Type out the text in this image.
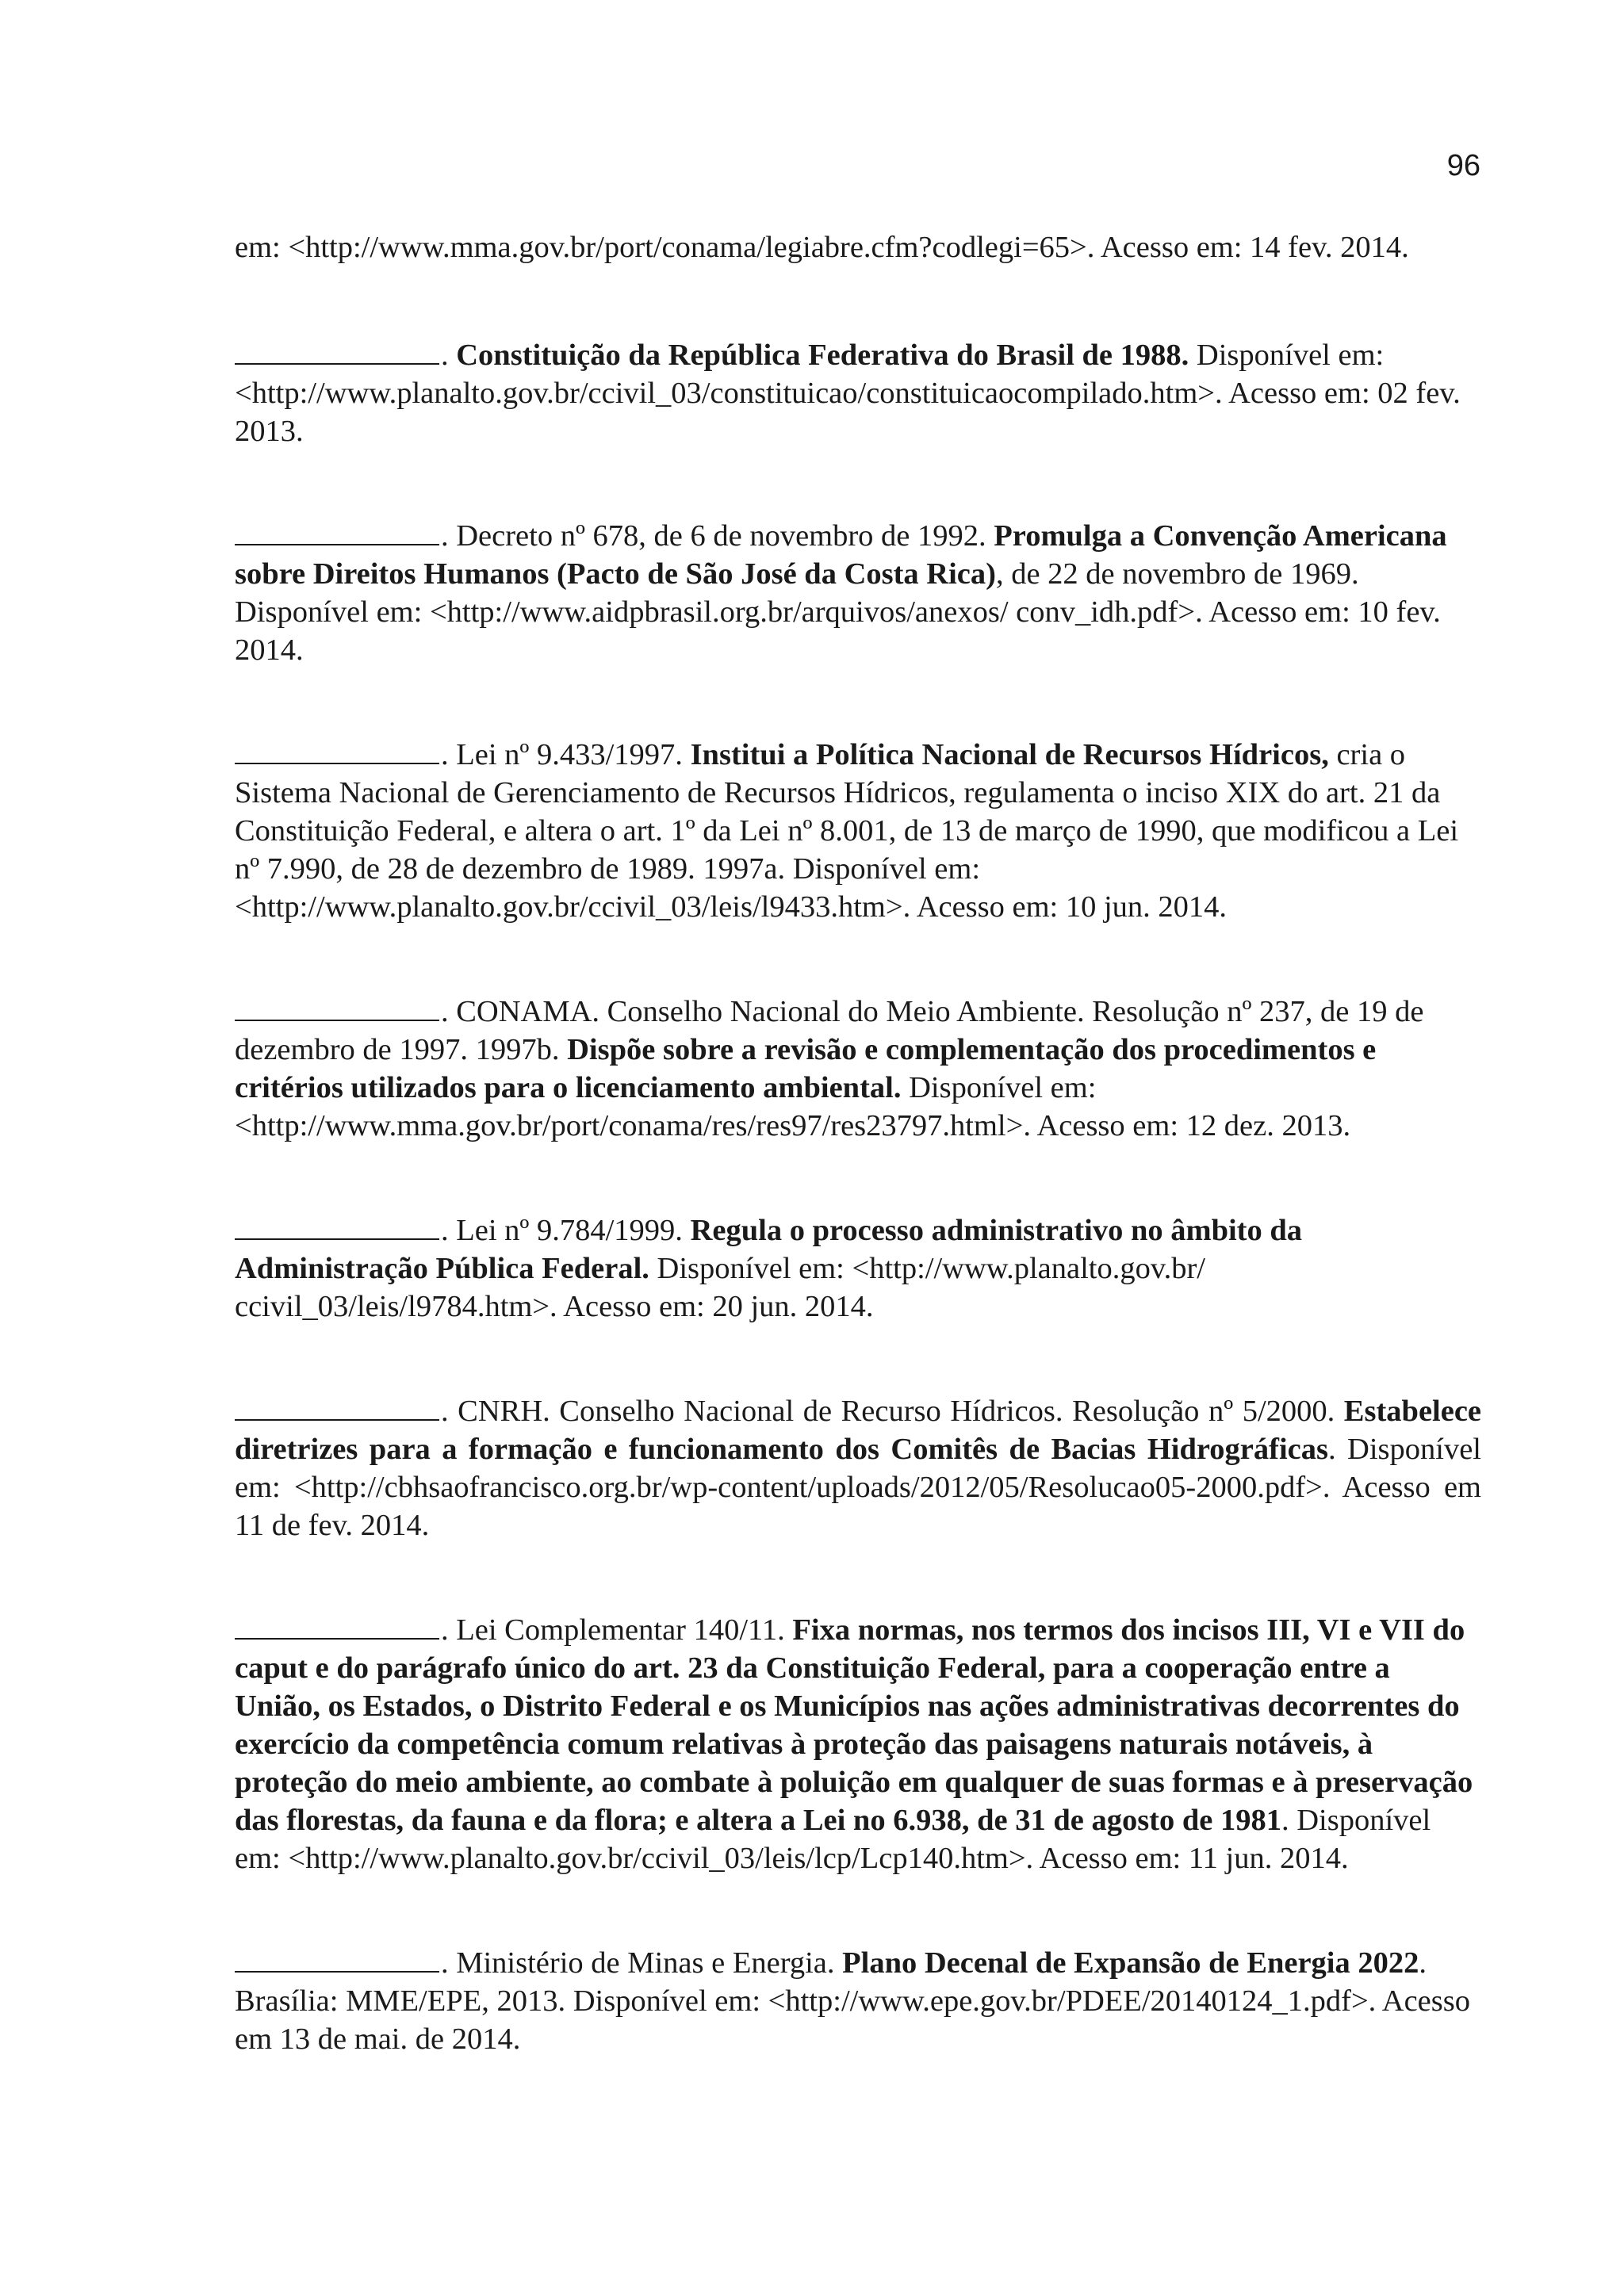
96

em: <http://www.mma.gov.br/port/conama/legiabre.cfm?codlegi=65>. Acesso em: 14 fev. 2014.

. Constituição da República Federativa do Brasil de 1988. Disponível em: <http://www.planalto.gov.br/ccivil_03/constituicao/constituicaocompilado.htm>. Acesso em: 02 fev. 2013.

. Decreto nº 678, de 6 de novembro de 1992. Promulga a Convenção Americana sobre Direitos Humanos (Pacto de São José da Costa Rica), de 22 de novembro de 1969. Disponível em: <http://www.aidpbrasil.org.br/arquivos/anexos/ conv_idh.pdf>. Acesso em: 10 fev. 2014.

. Lei nº 9.433/1997. Institui a Política Nacional de Recursos Hídricos, cria o Sistema Nacional de Gerenciamento de Recursos Hídricos, regulamenta o inciso XIX do art. 21 da Constituição Federal, e altera o art. 1º da Lei nº 8.001, de 13 de março de 1990, que modificou a Lei nº 7.990, de 28 de dezembro de 1989. 1997a. Disponível em: <http://www.planalto.gov.br/ccivil_03/leis/l9433.htm>. Acesso em: 10 jun. 2014.

. CONAMA. Conselho Nacional do Meio Ambiente. Resolução nº 237, de 19 de dezembro de 1997. 1997b. Dispõe sobre a revisão e complementação dos procedimentos e critérios utilizados para o licenciamento ambiental. Disponível em: <http://www.mma.gov.br/port/conama/res/res97/res23797.html>. Acesso em: 12 dez. 2013.

. Lei nº 9.784/1999. Regula o processo administrativo no âmbito da Administração Pública Federal. Disponível em: <http://www.planalto.gov.br/ ccivil_03/leis/l9784.htm>. Acesso em: 20 jun. 2014.

. CNRH. Conselho Nacional de Recurso Hídricos. Resolução nº 5/2000. Estabelece diretrizes para a formação e funcionamento dos Comitês de Bacias Hidrográficas. Disponível em: <http://cbhsaofrancisco.org.br/wp-content/uploads/2012/05/Resolucao05-2000.pdf>. Acesso em 11 de fev. 2014.

. Lei Complementar 140/11. Fixa normas, nos termos dos incisos III, VI e VII do caput e do parágrafo único do art. 23 da Constituição Federal, para a cooperação entre a União, os Estados, o Distrito Federal e os Municípios nas ações administrativas decorrentes do exercício da competência comum relativas à proteção das paisagens naturais notáveis, à proteção do meio ambiente, ao combate à poluição em qualquer de suas formas e à preservação das florestas, da fauna e da flora; e altera a Lei no 6.938, de 31 de agosto de 1981. Disponível em: <http://www.planalto.gov.br/ccivil_03/leis/lcp/Lcp140.htm>. Acesso em: 11 jun. 2014.

. Ministério de Minas e Energia. Plano Decenal de Expansão de Energia 2022. Brasília: MME/EPE, 2013. Disponível em: <http://www.epe.gov.br/PDEE/20140124_1.pdf>. Acesso em 13 de mai. de 2014.
